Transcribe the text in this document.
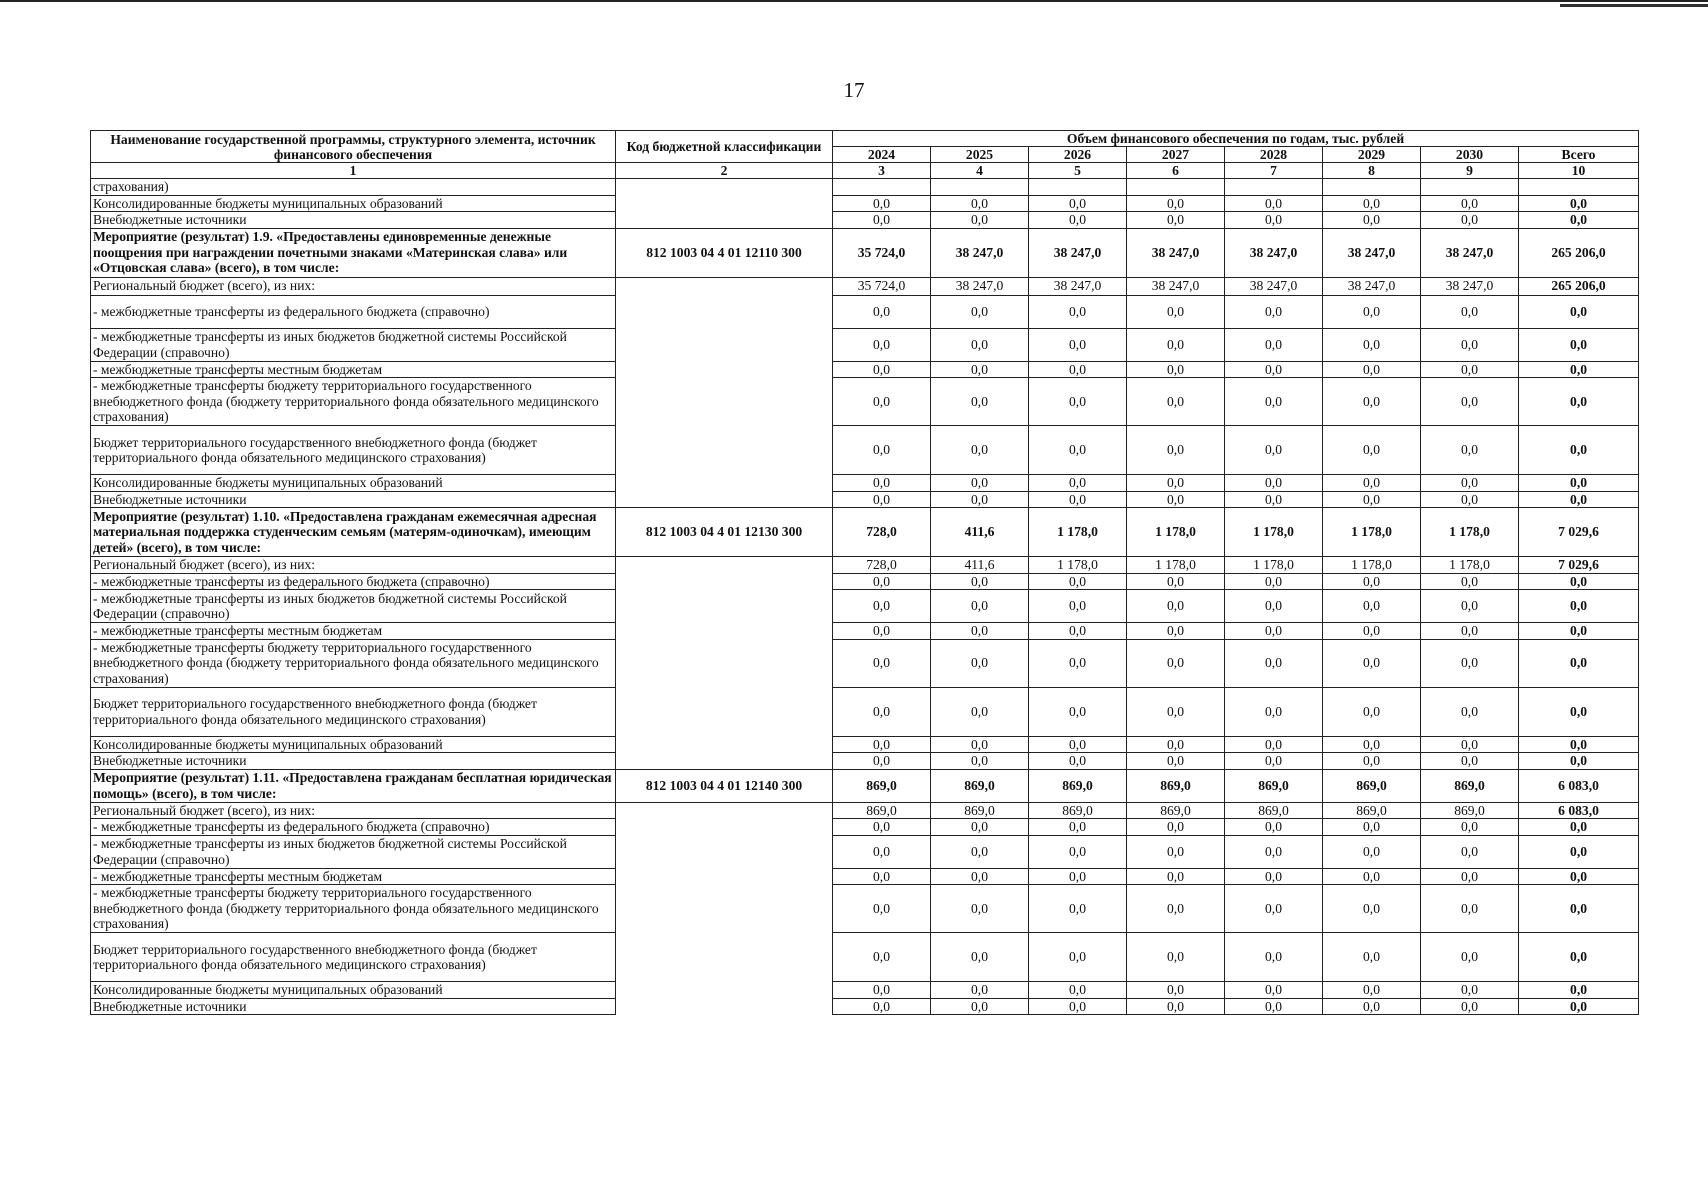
17
Наименование государственной программы, структурного элемента, источник финансового обеспечения	Код бюджетной классификации	Объем финансового обеспечения по годам, тыс. рублей							
		2024	2025	2026	2027	2028	2029	2030	Всего
1	2	3	4	5	6	7	8	9	10
страхования)									
Консолидированные бюджеты муниципальных образований		0,0	0,0	0,0	0,0	0,0	0,0	0,0	0,0
Внебюджетные источники		0,0	0,0	0,0	0,0	0,0	0,0	0,0	0,0
Мероприятие (результат) 1.9. «Предоставлены единовременные денежные поощрения при награждении почетными знаками «Материнская слава» или «Отцовская слава» (всего), в том числе:	812 1003 04 4 01 12110 300	35 724,0	38 247,0	38 247,0	38 247,0	38 247,0	38 247,0	38 247,0	265 206,0
Региональный бюджет (всего), из них:		35 724,0	38 247,0	38 247,0	38 247,0	38 247,0	38 247,0	38 247,0	265 206,0
- межбюджетные трансферты из федерального бюджета (справочно)		0,0	0,0	0,0	0,0	0,0	0,0	0,0	0,0
- межбюджетные трансферты из иных бюджетов бюджетной системы Российской Федерации (справочно)		0,0	0,0	0,0	0,0	0,0	0,0	0,0	0,0
- межбюджетные трансферты местным бюджетам		0,0	0,0	0,0	0,0	0,0	0,0	0,0	0,0
- межбюджетные трансферты бюджету территориального государственного внебюджетного фонда (бюджету территориального фонда обязательного медицинского страхования)		0,0	0,0	0,0	0,0	0,0	0,0	0,0	0,0
Бюджет территориального государственного внебюджетного фонда (бюджет территориального фонда обязательного медицинского страхования)		0,0	0,0	0,0	0,0	0,0	0,0	0,0	0,0
Консолидированные бюджеты муниципальных образований		0,0	0,0	0,0	0,0	0,0	0,0	0,0	0,0
Внебюджетные источники		0,0	0,0	0,0	0,0	0,0	0,0	0,0	0,0
Мероприятие (результат) 1.10. «Предоставлена гражданам ежемесячная адресная материальная поддержка студенческим семьям (матерям-одиночкам), имеющим детей» (всего), в том числе:	812 1003 04 4 01 12130 300	728,0	411,6	1 178,0	1 178,0	1 178,0	1 178,0	1 178,0	7 029,6
Региональный бюджет (всего), из них:		728,0	411,6	1 178,0	1 178,0	1 178,0	1 178,0	1 178,0	7 029,6
- межбюджетные трансферты из федерального бюджета (справочно)		0,0	0,0	0,0	0,0	0,0	0,0	0,0	0,0
- межбюджетные трансферты из иных бюджетов бюджетной системы Российской Федерации (справочно)		0,0	0,0	0,0	0,0	0,0	0,0	0,0	0,0
- межбюджетные трансферты местным бюджетам		0,0	0,0	0,0	0,0	0,0	0,0	0,0	0,0
- межбюджетные трансферты бюджету территориального государственного внебюджетного фонда (бюджету территориального фонда обязательного медицинского страхования)		0,0	0,0	0,0	0,0	0,0	0,0	0,0	0,0
Бюджет территориального государственного внебюджетного фонда (бюджет территориального фонда обязательного медицинского страхования)		0,0	0,0	0,0	0,0	0,0	0,0	0,0	0,0
Консолидированные бюджеты муниципальных образований		0,0	0,0	0,0	0,0	0,0	0,0	0,0	0,0
Внебюджетные источники		0,0	0,0	0,0	0,0	0,0	0,0	0,0	0,0
Мероприятие (результат) 1.11. «Предоставлена гражданам бесплатная юридическая помощь» (всего), в том числе:	812 1003 04 4 01 12140 300	869,0	869,0	869,0	869,0	869,0	869,0	869,0	6 083,0
Региональный бюджет (всего), из них:		869,0	869,0	869,0	869,0	869,0	869,0	869,0	6 083,0
- межбюджетные трансферты из федерального бюджета (справочно)		0,0	0,0	0,0	0,0	0,0	0,0	0,0	0,0
- межбюджетные трансферты из иных бюджетов бюджетной системы Российской Федерации (справочно)		0,0	0,0	0,0	0,0	0,0	0,0	0,0	0,0
- межбюджетные трансферты местным бюджетам		0,0	0,0	0,0	0,0	0,0	0,0	0,0	0,0
- межбюджетные трансферты бюджету территориального государственного внебюджетного фонда (бюджету территориального фонда обязательного медицинского страхования)		0,0	0,0	0,0	0,0	0,0	0,0	0,0	0,0
Бюджет территориального государственного внебюджетного фонда (бюджет территориального фонда обязательного медицинского страхования)		0,0	0,0	0,0	0,0	0,0	0,0	0,0	0,0
Консолидированные бюджеты муниципальных образований		0,0	0,0	0,0	0,0	0,0	0,0	0,0	0,0
Внебюджетные источники		0,0	0,0	0,0	0,0	0,0	0,0	0,0	0,0
